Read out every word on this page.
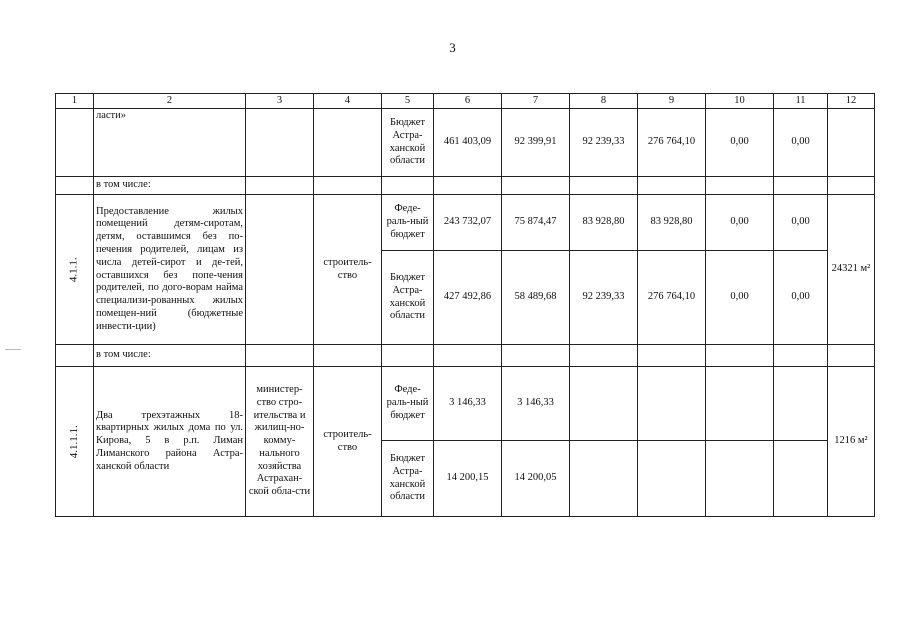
3
1	2	3	4	5	6	7	8	9	10	11	12
	ласти»			Бюджет Астра-ханской области	461 403,09	92 399,91	92 239,33	276 764,10	0,00	0,00	
	в том числе:										
4.1.1.	Предоставление жилых помещений детям-сиротам, детям, оставшимся без по-печения родителей, лицам из числа детей-сирот и де-тей, оставшихся без попе-чения родителей, по дого-ворам найма специализи-рованных жилых помещен-ний (бюджетные инвести-ции)		строитель-ство	Феде-раль-ный бюджет	243 732,07	75 874,47	83 928,80	83 928,80	0,00	0,00	24321 м²
				Бюджет Астра-ханской области	427 492,86	58 489,68	92 239,33	276 764,10	0,00	0,00	
	в том числе:										
4.1.1.1.	Два трехэтажных 18-квартирных жилых дома по ул. Кирова, 5 в р.п. Лиман Лиманского района Астра-ханской области	министер-ство стро-ительства и жилищ-но-комму-нального хозяйства Астрахан-ской обла-сти	строитель-ство	Феде-раль-ный бюджет	3 146,33	3 146,33					1216 м²
				Бюджет Астра-ханской области	14 200,15	14 200,05					
